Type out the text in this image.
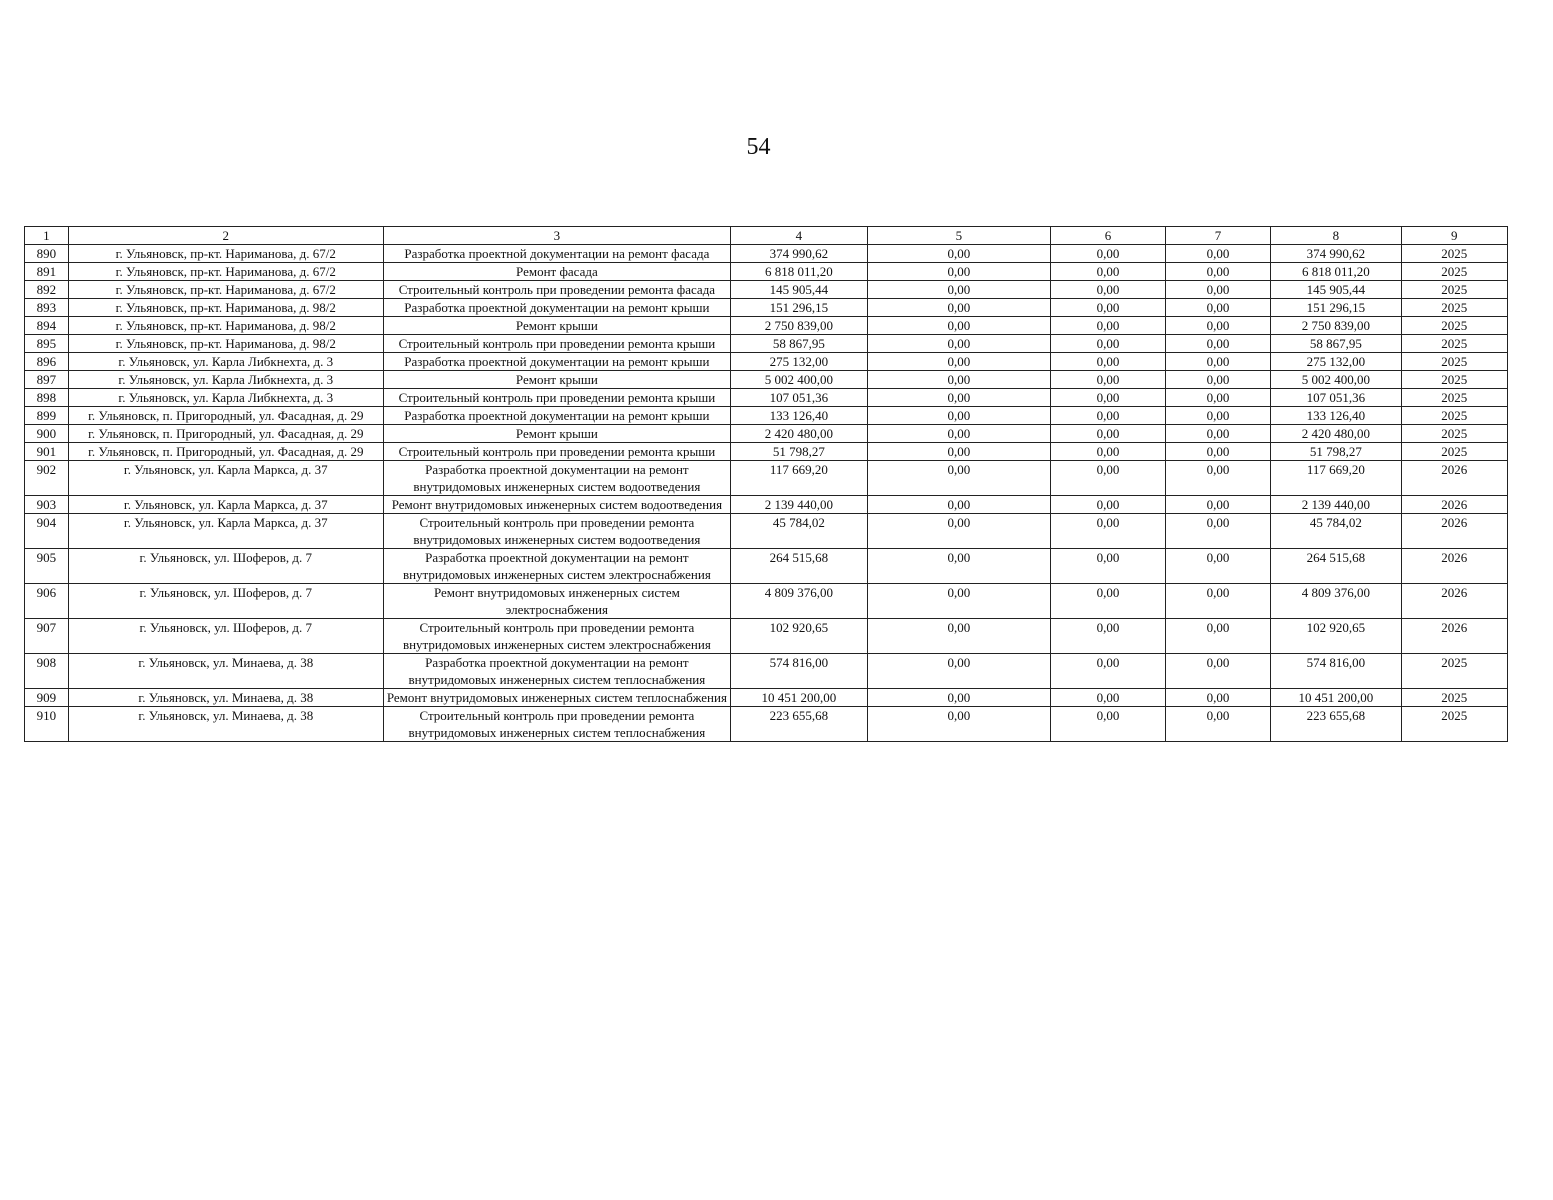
54
1	2	3	4	5	6	7	8	9
890	г. Ульяновск, пр-кт. Нариманова, д. 67/2	Разработка проектной документации на ремонт фасада	374 990,62	0,00	0,00	0,00	374 990,62	2025
891	г. Ульяновск, пр-кт. Нариманова, д. 67/2	Ремонт фасада	6 818 011,20	0,00	0,00	0,00	6 818 011,20	2025
892	г. Ульяновск, пр-кт. Нариманова, д. 67/2	Строительный контроль при проведении ремонта фасада	145 905,44	0,00	0,00	0,00	145 905,44	2025
893	г. Ульяновск, пр-кт. Нариманова, д. 98/2	Разработка проектной документации на ремонт крыши	151 296,15	0,00	0,00	0,00	151 296,15	2025
894	г. Ульяновск, пр-кт. Нариманова, д. 98/2	Ремонт крыши	2 750 839,00	0,00	0,00	0,00	2 750 839,00	2025
895	г. Ульяновск, пр-кт. Нариманова, д. 98/2	Строительный контроль при проведении ремонта крыши	58 867,95	0,00	0,00	0,00	58 867,95	2025
896	г. Ульяновск, ул. Карла Либкнехта, д. 3	Разработка проектной документации на ремонт крыши	275 132,00	0,00	0,00	0,00	275 132,00	2025
897	г. Ульяновск, ул. Карла Либкнехта, д. 3	Ремонт крыши	5 002 400,00	0,00	0,00	0,00	5 002 400,00	2025
898	г. Ульяновск, ул. Карла Либкнехта, д. 3	Строительный контроль при проведении ремонта крыши	107 051,36	0,00	0,00	0,00	107 051,36	2025
899	г. Ульяновск, п. Пригородный, ул. Фасадная, д. 29	Разработка проектной документации на ремонт крыши	133 126,40	0,00	0,00	0,00	133 126,40	2025
900	г. Ульяновск, п. Пригородный, ул. Фасадная, д. 29	Ремонт крыши	2 420 480,00	0,00	0,00	0,00	2 420 480,00	2025
901	г. Ульяновск, п. Пригородный, ул. Фасадная, д. 29	Строительный контроль при проведении ремонта крыши	51 798,27	0,00	0,00	0,00	51 798,27	2025
902	г. Ульяновск, ул. Карла Маркса, д. 37	Разработка проектной документации на ремонт внутридомовых инженерных систем водоотведения	117 669,20	0,00	0,00	0,00	117 669,20	2026
903	г. Ульяновск, ул. Карла Маркса, д. 37	Ремонт внутридомовых инженерных систем водоотведения	2 139 440,00	0,00	0,00	0,00	2 139 440,00	2026
904	г. Ульяновск, ул. Карла Маркса, д. 37	Строительный контроль при проведении ремонта внутридомовых инженерных систем водоотведения	45 784,02	0,00	0,00	0,00	45 784,02	2026
905	г. Ульяновск, ул. Шоферов, д. 7	Разработка проектной документации на ремонт внутридомовых инженерных систем электроснабжения	264 515,68	0,00	0,00	0,00	264 515,68	2026
906	г. Ульяновск, ул. Шоферов, д. 7	Ремонт внутридомовых инженерных систем электроснабжения	4 809 376,00	0,00	0,00	0,00	4 809 376,00	2026
907	г. Ульяновск, ул. Шоферов, д. 7	Строительный контроль при проведении ремонта внутридомовых инженерных систем электроснабжения	102 920,65	0,00	0,00	0,00	102 920,65	2026
908	г. Ульяновск, ул. Минаева, д. 38	Разработка проектной документации на ремонт внутридомовых инженерных систем теплоснабжения	574 816,00	0,00	0,00	0,00	574 816,00	2025
909	г. Ульяновск, ул. Минаева, д. 38	Ремонт внутридомовых инженерных систем теплоснабжения	10 451 200,00	0,00	0,00	0,00	10 451 200,00	2025
910	г. Ульяновск, ул. Минаева, д. 38	Строительный контроль при проведении ремонта внутридомовых инженерных систем теплоснабжения	223 655,68	0,00	0,00	0,00	223 655,68	2025
